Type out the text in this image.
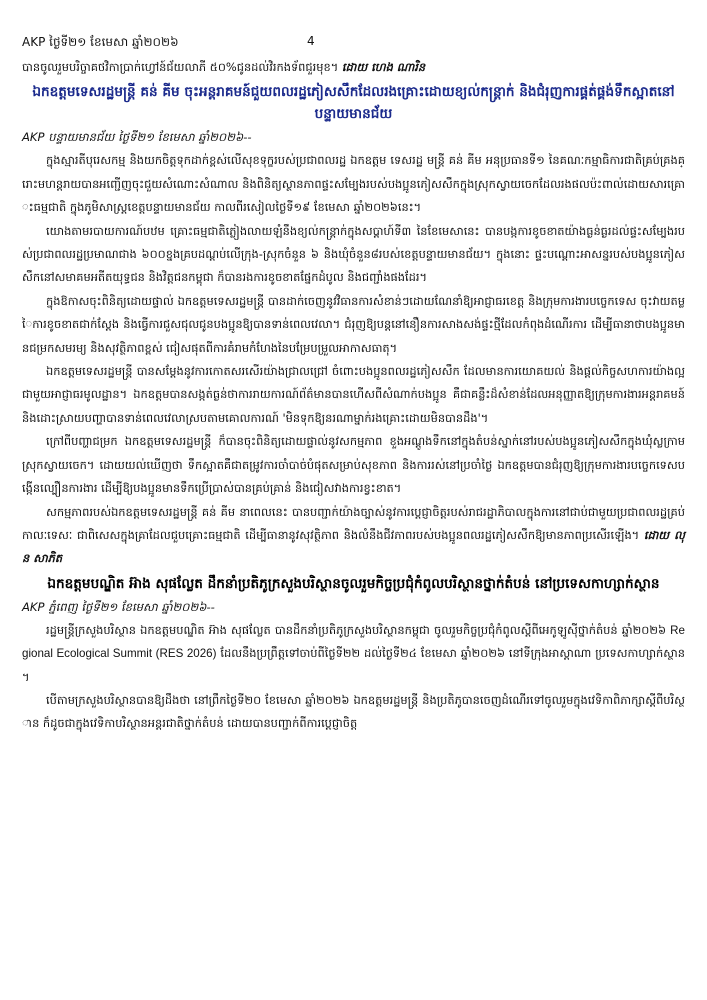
AKP ថ្ងៃទី២១ ខែមេសា ឆ្នាំ២០២៦	4

បានចូលរួមបរិច្ចាគថវិកាប្រាក់ហ្វៅន៍ជ័យលាភី ៥០%ជូនដល់វិរកងទ័ពជួរមុខ។ ដោយ ហេង ណារិន

ឯកឧត្តមទេសរដ្ឋមន្ត្រី គន់ គីម ចុះអន្តរាគមន៍ជួយពលរដ្ឋភៀសសឹកដែលរងគ្រោះដោយខ្យល់កន្ត្រាក់ និងជំរុញការផ្គត់ផ្គង់ទឹកស្អាតនៅបន្ទាយមានជ័យ

AKP បន្ទាយមានជ័យ ថ្ងៃទី២១ ខែមេសា ឆ្នាំ២០២៦--

ក្នុងស្មារតីបុរេសកម្ម និងយកចិត្តទុកដាក់ខ្ពស់លើសុខទុក្ខរបស់ប្រជាពលរដ្ឋ ឯកឧត្តម ទេសរដ្ឋ មន្ត្រី គន់ គីម អនុប្រធានទី១ នៃគណៈកម្មាធិការជាតិគ្រប់គ្រងគ្រោះមហន្តរាយបានអញ្ជើញចុះជួយសំណោះសំណាល និងពិនិត្យស្ថានភាពផ្ទះសម្បែងរបស់បងប្អូនភៀសសឹកក្នុងស្រុកស្វាយចេកដែលរងផលប៉ះពាល់ដោយសារគ្រោះធម្មជាតិ ក្នុងភូមិសាស្ត្រខេត្តបន្ទាយមានជ័យ កាលពីរសៀលថ្ងៃទី១៩ ខែមេសា ឆ្នាំ២០២៦នេះ។

យោងតាមរបាយការណ៍បឋម គ្រោះធម្មជាតិភ្លៀងលាយឡំនឹងខ្យល់កន្ត្រាក់ក្នុងសប្តាហ៍ទី៣ នៃខែមេសានេះ បានបង្កការខូចខាតយ៉ាងធ្ងន់ធ្ងរដល់ផ្ទះសម្បែងរបស់ប្រជាពលរដ្ឋប្រមាណជាង ៦០០ខ្នងគ្របដណ្តប់លើក្រុង-ស្រុកចំនួន ៦ និងឃុំចំនួន៨របស់ខេត្តបន្ទាយមានជ័យ។ ក្នុងនោះ ផ្ទះបណ្តោះអាសន្នរបស់បងប្អូនភៀសសឹកនៅសមាគមអតីតយុទ្ធជន និងវិត្តជនកម្ពុជា ក៏បានរងការខូចខាតផ្នែកដំបូល និងជញ្ជាំងផងដែរ។

ក្នុងឱកាសចុះពិនិត្យដោយផ្ទាល់ ឯកឧត្តមទេសរដ្ឋមន្ត្រី បានដាក់ចេញនូវវិធានការសំខាន់ៗដោយណែនាំឱ្យអាជ្ញាធរខេត្ត និងក្រុមការងារបច្ចេកទេស ចុះវាយតម្លៃការខូចខាតជាក់ស្តែង និងធ្វើការជួសជុលជូនបងប្អូនឱ្យបានទាន់ពេលវេលា។ ជំរុញឱ្យបន្តនៅនឿនការសាងសង់ផ្ទះថ្មីដែលកំពុងដំណើរការ ដើម្បីធានាថាបងប្អូនមានជម្រកសមរម្យ និងសុវត្ថិភាពខ្ពស់ ជៀសផុតពីការគំរាមកំហែងនៃបម្រែបម្រួលអាកាសធាតុ។

ឯកឧត្តមទេសរដ្ឋមន្ត្រី បានសម្តែងនូវការកោតសរសើរយ៉ាងជ្រាលជ្រៅ ចំពោះបងប្អូនពលរដ្ឋភៀសសឹក ដែលមានការយោគយល់ និងផ្តល់កិច្ចសហការយ៉ាងល្អជាមួយអាជ្ញាធរមូលដ្ឋាន។ ឯកឧត្តមបានសង្កត់ធ្ងន់ថាការរាយការណ៍ព័ត៌មានបានហើសពីសំណាក់បងប្អូន គឺជាគន្លឹះដ៏សំខាន់ដែលអនុញ្ញាតឱ្យក្រុមការងារអន្តរាគមន៍ និងដោះស្រាយបញ្ហាបានទាន់ពេលវេលាស្របតាមគោលការណ៍ 'មិនទុកឱ្យនរណាម្នាក់រងគ្រោះដោយមិនបានដឹង'។

ក្រៅពីបញ្ហាជម្រក ឯកឧត្តមទេសរដ្ឋមន្ត្រី ក៏បានចុះពិនិត្យដោយផ្ទាល់នូវសកម្មភាព ខួងអណ្តូងទឹកនៅក្នុងតំបន់ស្នាក់នៅរបស់បងប្អូនភៀសសឹកក្នុងឃុំស្លក្រាម ស្រុកស្វាយចេក។ ដោយយល់ឃើញថា ទឹកស្អាតគឺជាតម្រូវការចាំបាច់បំផុតសម្រាប់សុខភាព និងការរស់នៅប្រចាំថ្ងៃ ឯកឧត្តមបានជំរុញឱ្យក្រុមការងារបច្ចេកទេសបង្កើនល្បឿនការងារ ដើម្បីឱ្យបងប្អូនមានទឹកប្រើប្រាស់បានគ្រប់គ្រាន់ និងជៀសវាងការខ្វះខាត។

សកម្មភាពរបស់ឯកឧត្តមទេសរដ្ឋមន្ត្រី គន់ គីម នាពេលនេះ បានបញ្ជាក់យ៉ាងច្បាស់នូវការប្តេជ្ញាចិត្តរបស់រាជរដ្ឋាភិបាលក្នុងការនៅជាប់ជាមួយប្រជាពលរដ្ឋគ្រប់កាលៈទេសៈ ជាពិសេសក្នុងគ្រាដែលជួបគ្រោះធម្មជាតិ ដើម្បីធានានូវសុវត្ថិភាព និងលំនឹងជីវភាពរបស់បងប្អូនពលរដ្ឋភៀសសឹកឱ្យមានភាពប្រសើរឡើង។ ដោយ លុន សាភិត

ឯកឧត្តមបណ្ឌិត អ៊ាង សុផល្លែត ដឹកនាំប្រតិភូក្រសួងបរិស្ថានចូលរួមកិច្ចប្រជុំកំពូលបរិស្ថានថ្នាក់តំបន់ នៅប្រទេសកាហ្សាក់ស្ថាន

AKP ភ្នំពេញ ថ្ងៃទី២១ ខែមេសា ឆ្នាំ២០២៦--

រដ្ឋមន្ត្រីក្រសួងបរិស្ថាន ឯកឧត្តមបណ្ឌិត អ៊ាង សុផល្លែត បានដឹកនាំប្រតិភូក្រសួងបរិស្ថានកម្ពុជា ចូលរួមកិច្ចប្រជុំកំពូលស្តីពីអេកូឡូស៊ីថ្នាក់តំបន់ ឆ្នាំ២០២៦ Regional Ecological Summit (RES 2026) ដែលនឹងប្រព្រឹត្តទៅចាប់ពីថ្ងៃទី២២ ដល់ថ្ងៃទី២៤ ខែមេសា ឆ្នាំ២០២៦ នៅទីក្រុងអាស្តាណា ប្រទេសកាហ្សាក់ស្ថាន។

បើតាមក្រសួងបរិស្ថានបានឱ្យដឹងថា នៅព្រឹកថ្ងៃទី២០ ខែមេសា ឆ្នាំ២០២៦ ឯកឧត្តមរដ្ឋមន្ត្រី និងប្រតិភូបានចេញដំណើរទៅចូលរួមក្នុងវេទិកាពិភាក្សាស្តីពីបរិស្ថាន ក៏ដូចជាក្នុងវេទិកាបរិស្ថានអន្តរជាតិថ្នាក់តំបន់ ដោយបានបញ្ជាក់ពីការប្តេជ្ញាចិត្ត
